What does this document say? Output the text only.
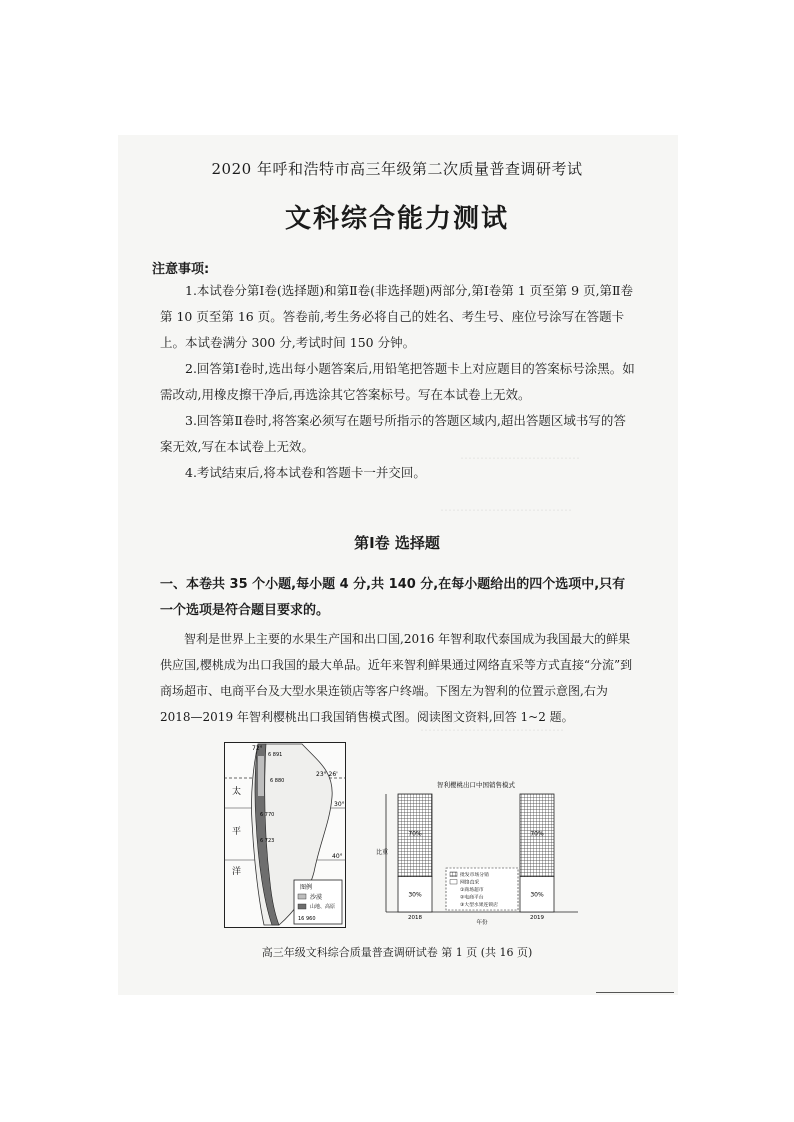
…………………………
……………………………
………………………………
2020 年呼和浩特市高三年级第二次质量普查调研考试
文科综合能力测试
注意事项:

1.本试卷分第Ⅰ卷(选择题)和第Ⅱ卷(非选择题)两部分,第Ⅰ卷第 1 页至第 9 页,第Ⅱ卷第 10 页至第 16 页。答卷前,考生务必将自己的姓名、考生号、座位号涂写在答题卡上。本试卷满分 300 分,考试时间 150 分钟。

2.回答第Ⅰ卷时,选出每小题答案后,用铅笔把答题卡上对应题目的答案标号涂黑。如需改动,用橡皮擦干净后,再选涂其它答案标号。写在本试卷上无效。

3.回答第Ⅱ卷时,将答案必须写在题号所指示的答题区域内,超出答题区域书写的答案无效,写在本试卷上无效。

4.考试结束后,将本试卷和答题卡一并交回。

第Ⅰ卷 选择题

一、本卷共 35 个小题,每小题 4 分,共 140 分,在每小题给出的四个选项中,只有一个选项是符合题目要求的。

智利是世界上主要的水果生产国和出口国,2016 年智利取代泰国成为我国最大的鲜果供应国,樱桃成为出口我国的最大单品。近年来智利鲜果通过网络直采等方式直接“分流”到商场超市、电商平台及大型水果连锁店等客户终端。下图左为智利的位置示意图,右为 2018—2019 年智利樱桃出口我国销售模式图。阅读图文资料,回答 1~2 题。

72°
6 891
6 880
6 770
6 723
23° 26'
30°
40°
太
平
洋
图例
沙漠
山地、高原
16 960
智利樱桃出口中国销售模式
比重
年份
70%
30%
2018
70%
30%
2019
批发市场分销
网络直采
①商场超市
②电商平台
③大型水果连锁店
高三年级文科综合质量普查调研试卷 第 1 页 (共 16 页)
